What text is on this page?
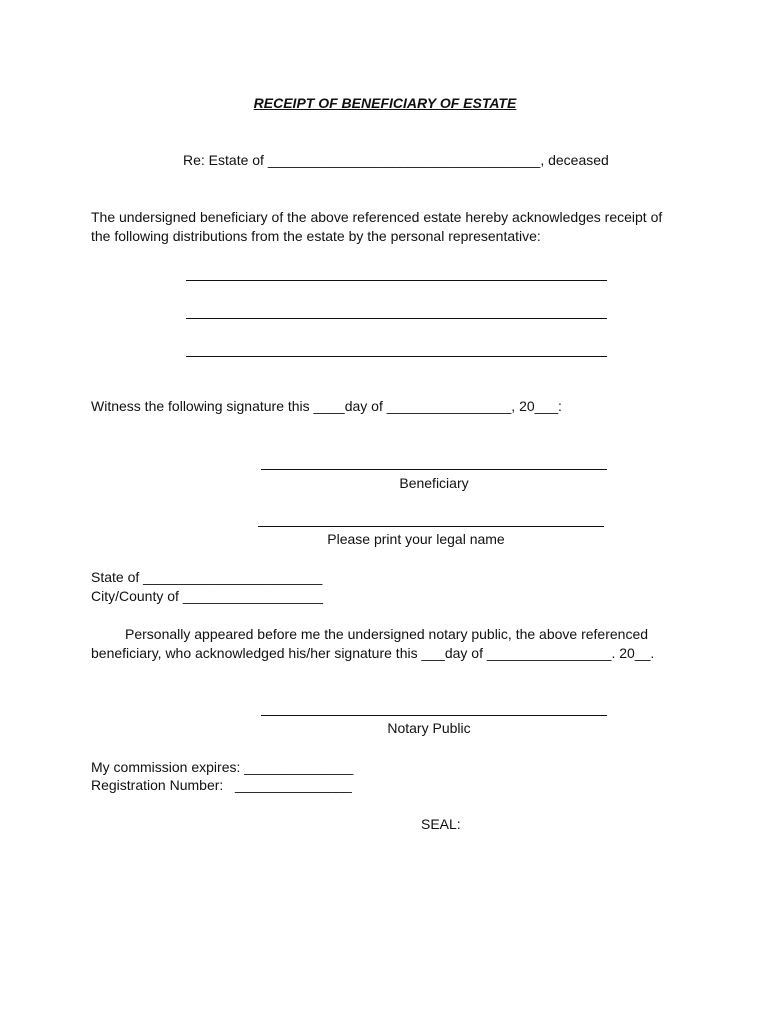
RECEIPT OF BENEFICIARY OF ESTATE

Re: Estate of ___________________________________, deceased

The undersigned beneficiary of the above referenced estate hereby acknowledges receipt of

the following distributions from the estate by the personal representative:

Witness the following signature this ____day of ________________, 20___:

Beneficiary

Please print your legal name

State of _______________________

City/County of __________________

Personally appeared before me the undersigned notary public, the above referenced

beneficiary, who acknowledged his/her signature this ___day of ________________. 20__.

Notary Public

My commission expires: ______________

Registration Number:   _______________

SEAL:
